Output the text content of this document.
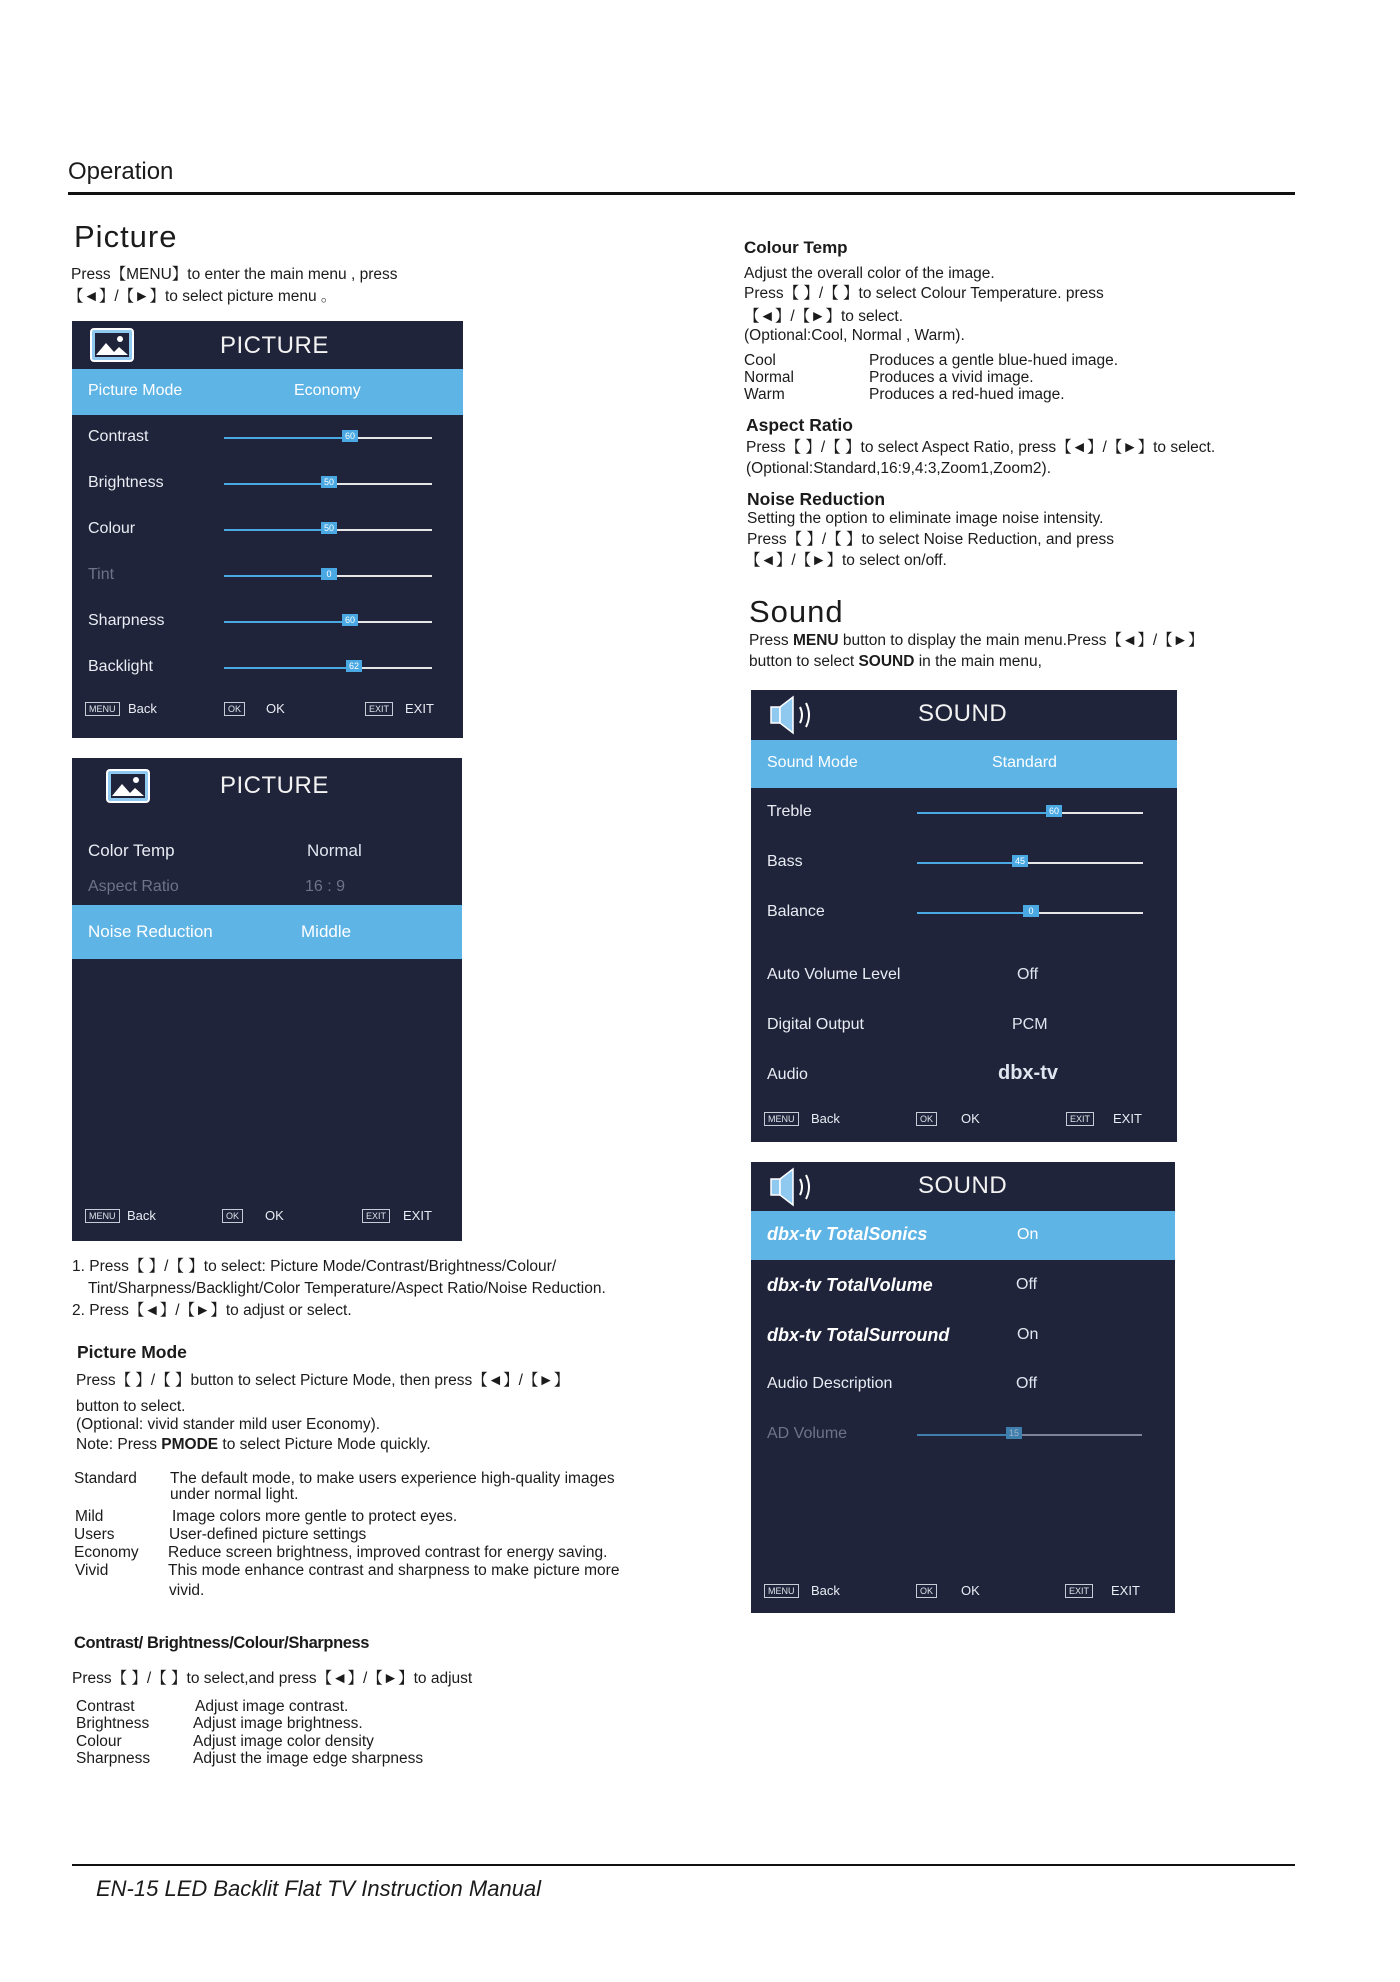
Operation
Picture
Press【MENU】to enter the main menu , press
【◄】/【►】to select picture menu 。
PICTURE
Picture Mode	Economy
Contrast	60
Brightness	50
Colour	50
Tint	0
Sharpness	60
Backlight	62
MENU Back	OK	OK	EXIT	EXIT
PICTURE
Color Temp	Normal
Aspect Ratio	16 : 9
Noise Reduction	Middle
MENU Back	OK	OK	EXIT	EXIT
1. Press【 】/【 】to select: Picture Mode/Contrast/Brightness/Colour/
Tint/Sharpness/Backlight/Color Temperature/Aspect Ratio/Noise Reduction.
2. Press【◄】/【►】to adjust or select.
Picture Mode
Press【 】/【 】button to select Picture Mode, then press【◄】/【►】
button to select.
(Optional: vivid stander mild user Economy).
Note: Press PMODE to select Picture Mode quickly.
Standard The default mode, to make users experience high-quality images
under normal light.
Mild	Image colors more gentle to protect eyes.
Users	User-defined picture settings
Economy Reduce screen brightness, improved contrast for energy saving.
Vivid	This mode enhance contrast and sharpness to make picture more
vivid.
Contrast/ Brightness/Colour/Sharpness
Press【 】/【 】to select,and press【◄】/【►】to adjust
Contrast	Adjust image contrast.
Brightness	Adjust image brightness.
Colour	Adjust image color density
Sharpness	Adjust the image edge sharpness
Colour Temp
Adjust the overall color of the image.
Press【 】/【 】to select Colour Temperature. press
【◄】/【►】to select.
(Optional:Cool, Normal , Warm).
Cool	Produces a gentle blue-hued image.
Normal	Produces a vivid image.
Warm	Produces a red-hued image.
Aspect Ratio
Press【 】/【 】to select Aspect Ratio, press【◄】/【►】to select.
(Optional:Standard,16:9,4:3,Zoom1,Zoom2).
Noise Reduction
Setting the option to eliminate image noise intensity.
Press【 】/【 】to select Noise Reduction, and press
【◄】/【►】to select on/off.
Sound
Press MENU button to display the main menu.Press【◄】/【►】
button to select SOUND in the main menu,
SOUND
Sound Mode	Standard
Treble	60
Bass	45
Balance	0
Auto Volume Level	Off
Digital Output	PCM
Audio	dbx-tv
MENU	Back	OK	OK	EXIT	EXIT
SOUND
dbx-tv TotalSonics	On
dbx-tv TotalVolume	Off
dbx-tv TotalSurround	On
Audio Description	Off
AD Volume	15
MENU	Back	OK	OK	EXIT	EXIT
EN-15 LED Backlit Flat TV Instruction Manual
